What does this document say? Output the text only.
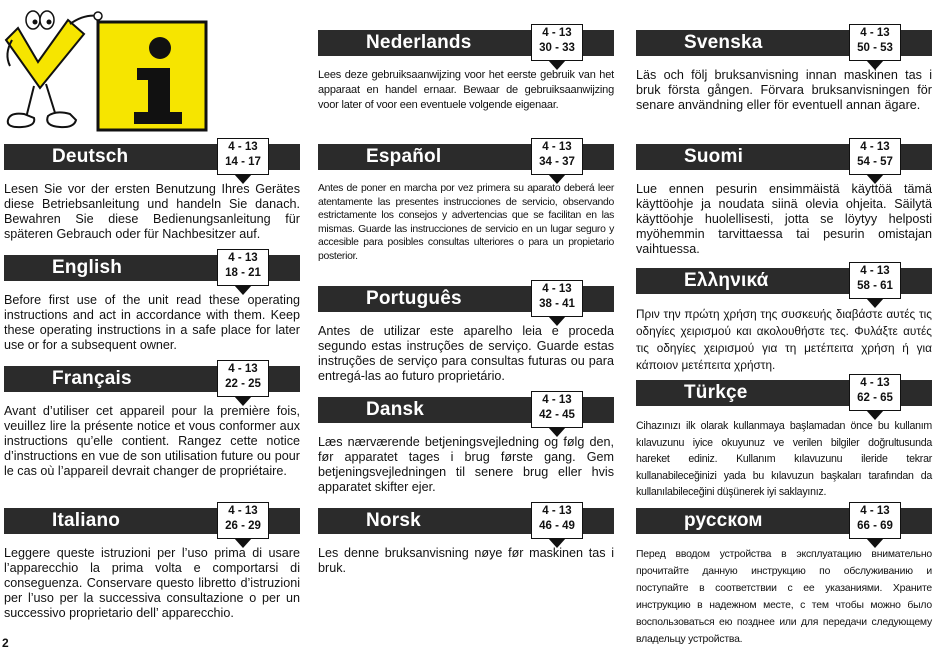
Deutsch	4 - 13
14 - 17
Lesen Sie vor der ersten Benutzung Ihres Gerätes diese Betriebsanleitung und handeln Sie danach. Bewahren Sie diese Bedienungsanleitung für späteren Gebrauch oder für Nachbesitzer auf.
English	4 - 13
18 - 21
Before first use of the unit read these operating instructions and act in accordance with them. Keep these operating instructions in a safe place for later use or for a subsequent owner.
Français	4 - 13
22 - 25
Avant d’utiliser cet appareil pour la première fois, veuillez lire la présente notice et vous conformer aux instructions qu’elle contient. Rangez cette notice d’instructions en vue de son utilisation future ou pour le cas où l’appareil devrait changer de propriétaire.
Italiano	4 - 13
26 - 29
Leggere queste istruzioni per l’uso prima di usare l’apparecchio la prima volta e comportarsi di conseguenza. Conservare questo libretto d’istruzioni per l’uso per la successiva consultazione o per un successivo proprietario dell’ apparecchio.
Nederlands	4 - 13
30 - 33
Lees deze gebruiksaanwijzing voor het eerste gebruik van het apparaat en handel ernaar. Bewaar de gebruiksaanwijzing voor later of voor een eventuele volgende eigenaar.
Español	4 - 13
34 - 37
Antes de poner en marcha por vez primera su aparato deberá leer atentamente las presentes instrucciones de servicio, observando estrictamente los consejos y advertencias que se facilitan en las mismas. Guarde las instrucciones de servicio en un lugar seguro y accesible para posibles consultas ulteriores o para un propietario posterior.
Português	4 - 13
38 - 41
Antes de utilizar este aparelho leia e proceda segundo estas instruções de serviço. Guarde estas instruções de serviço para consultas futuras ou para entregá-las ao futuro proprietário.
Dansk	4 - 13
42 - 45
Læs nærværende betjeningsvejledning og følg den, før apparatet tages i brug første gang. Gem betjeningsvejledningen til senere brug eller hvis apparatet skifter ejer.
Norsk	4 - 13
46 - 49
Les denne bruksanvisning nøye før maskinen tas i bruk.
Svenska	4 - 13
50 - 53
Läs och följ bruksanvisning innan maskinen tas i bruk första gången. Förvara bruksanvisningen för senare användning eller för eventuell annan ägare.
Suomi	4 - 13
54 - 57
Lue ennen pesurin ensimmäistä käyttöä tämä käyttöohje ja noudata siinä olevia ohjeita. Säilytä käyttöohje huolellisesti, jotta se löytyy helposti myöhemmin tarvittaessa tai pesurin omistajan vaihtuessa.
Ελληνικά	4 - 13
58 - 61
Πριν την πρώτη χρήση της συσκευής διαβάστε αυτές τις οδηγίες χειρισμού και ακολουθήστε τες. Φυλάξτε αυτές τις οδηγίες χειρισμού για τη μετέπειτα χρήση ή για κάποιον μετέπειτα χρήστη.
Türkçe	4 - 13
62 - 65
Cihazınızı ilk olarak kullanmaya başlamadan önce bu kullanım kılavuzunu iyice okuyunuz ve verilen bilgiler doğrultusunda hareket ediniz. Kullanım kılavuzunu ileride tekrar kullanabileceğinizi yada bu kılavuzun başkaları tarafından da kullanılabileceğini düşünerek iyi saklayınız.
русском	4 - 13
66 - 69
Перед вводом устройства в эксплуатацию внимательно прочитайте данную инструкцию по обслуживанию и поступайте в соответствии с ее указаниями. Храните инструкцию в надежном месте, с тем чтобы можно было воспользоваться ею позднее или для передачи следующему владельцу устройства.
2
